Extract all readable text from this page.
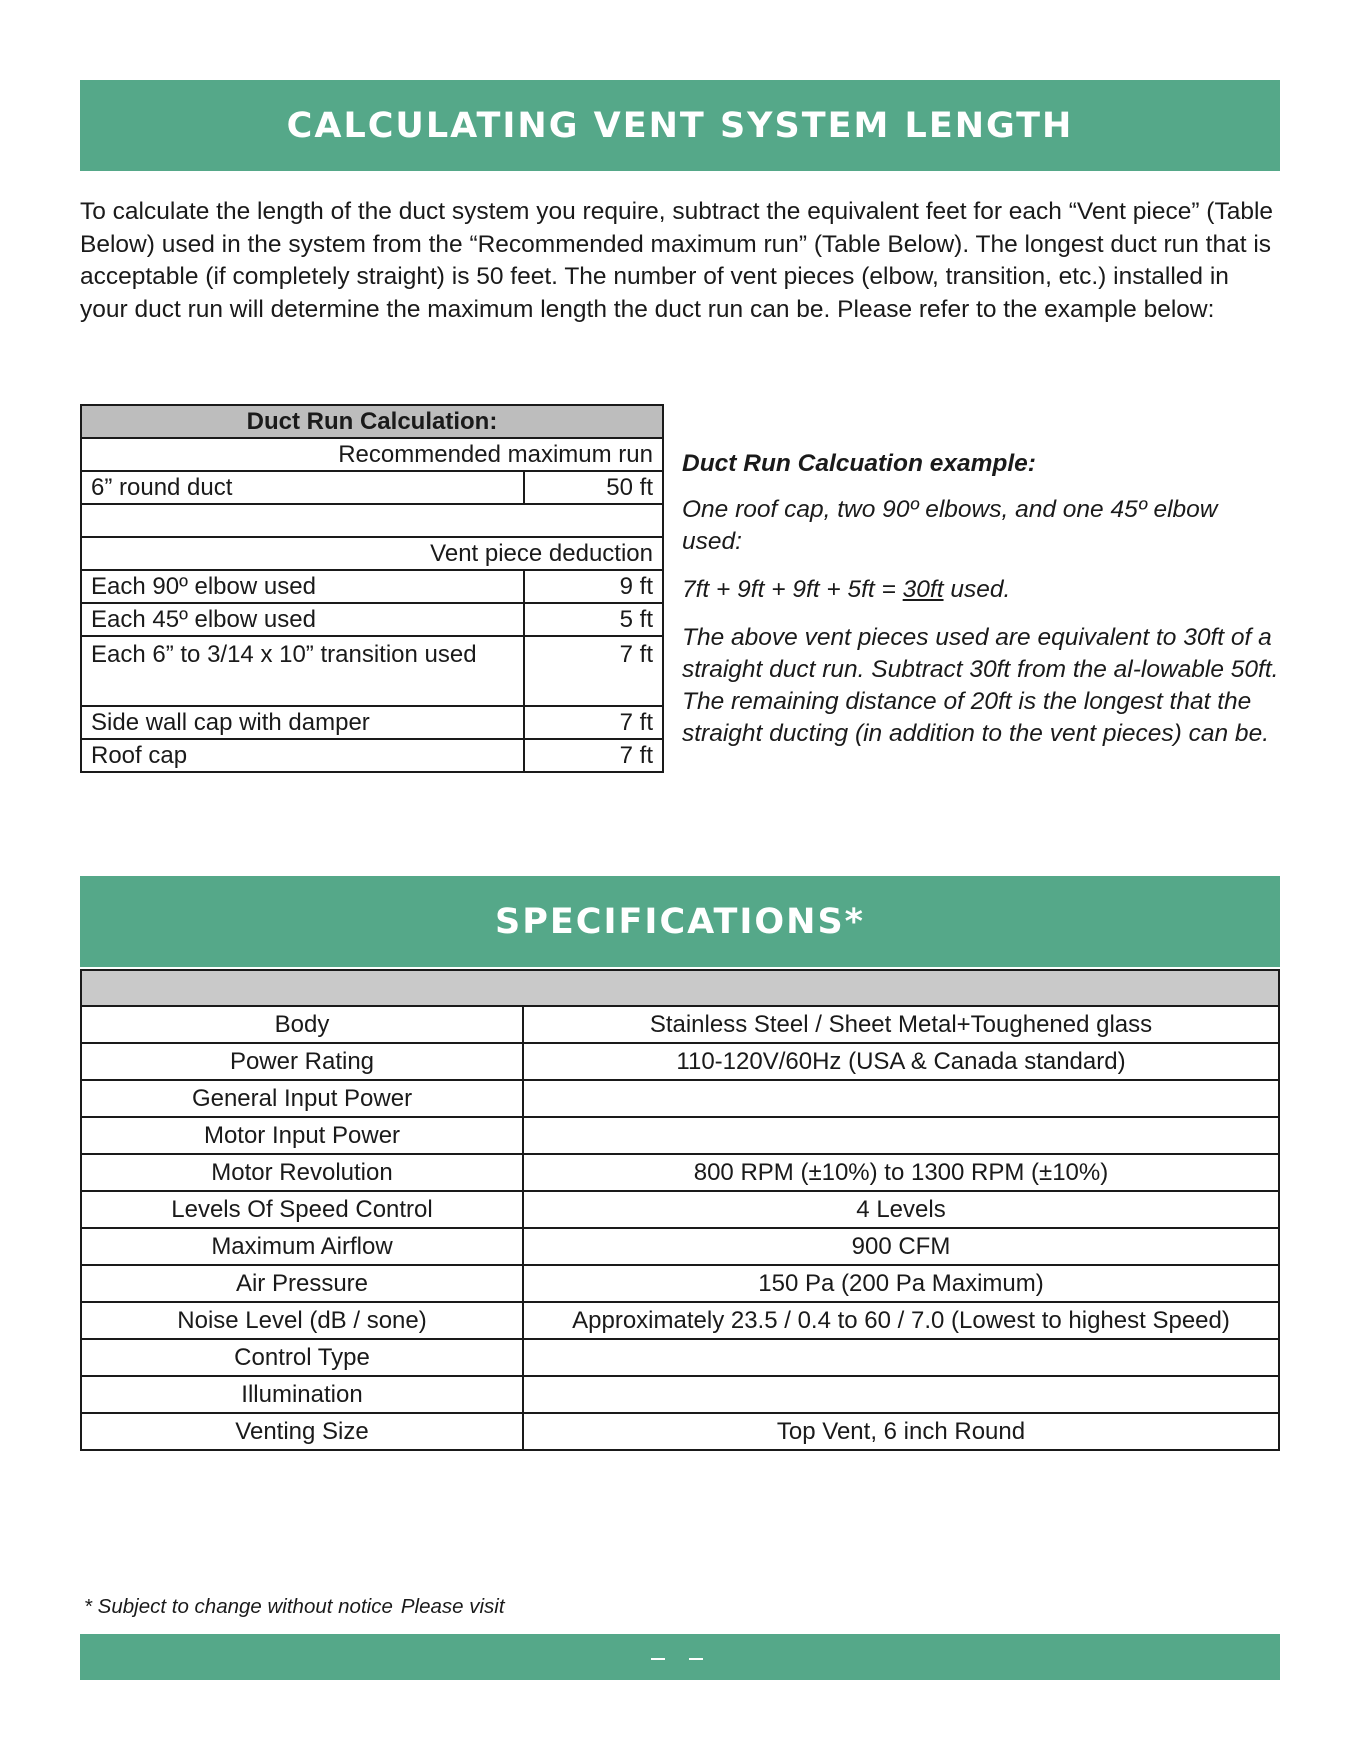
CALCULATING VENT SYSTEM LENGTH

To calculate the length of the duct system you require, subtract the equivalent feet for each “Vent piece” (Table Below) used in the system from the “Recommended maximum run” (Table Below). The longest duct run that is acceptable (if completely straight) is 50 feet. The number of vent pieces (elbow, transition, etc.) installed in your duct run will determine the maximum length the duct run can be. Please refer to the example below:

Duct Run Calculation:	
Recommended maximum run	
6” round duct	50 ft

Vent piece deduction	
Each 90º elbow used	9 ft
Each 45º elbow used	5 ft
Each 6” to 3/14 x 10” transition used	7 ft
Side wall cap with damper	7 ft
Roof cap	7 ft

Duct Run Calcuation example:

One roof cap, two 90º elbows, and one 45º elbow used:

7ft + 9ft + 9ft + 5ft = 30ft used.

The above vent pieces used are equivalent to 30ft of a straight duct run. Subtract 30ft from the al-lowable 50ft. The remaining distance of 20ft is the longest that the straight ducting (in addition to the vent pieces) can be.

SPECIFICATIONS*

Body	Stainless Steel / Sheet Metal+Toughened glass
Power Rating	110-120V/60Hz (USA & Canada standard)
General Input Power	
Motor Input Power	
Motor Revolution	800 RPM (±10%) to 1300 RPM (±10%)
Levels Of Speed Control	4 Levels
Maximum Airflow	900 CFM
Air Pressure	150 Pa (200 Pa Maximum)
Noise Level (dB / sone)	Approximately 23.5 / 0.4 to 60 / 7.0 (Lowest to highest Speed)
Control Type	
Illumination	
Venting Size	Top Vent, 6 inch Round
* Subject to change without notice Please visit
